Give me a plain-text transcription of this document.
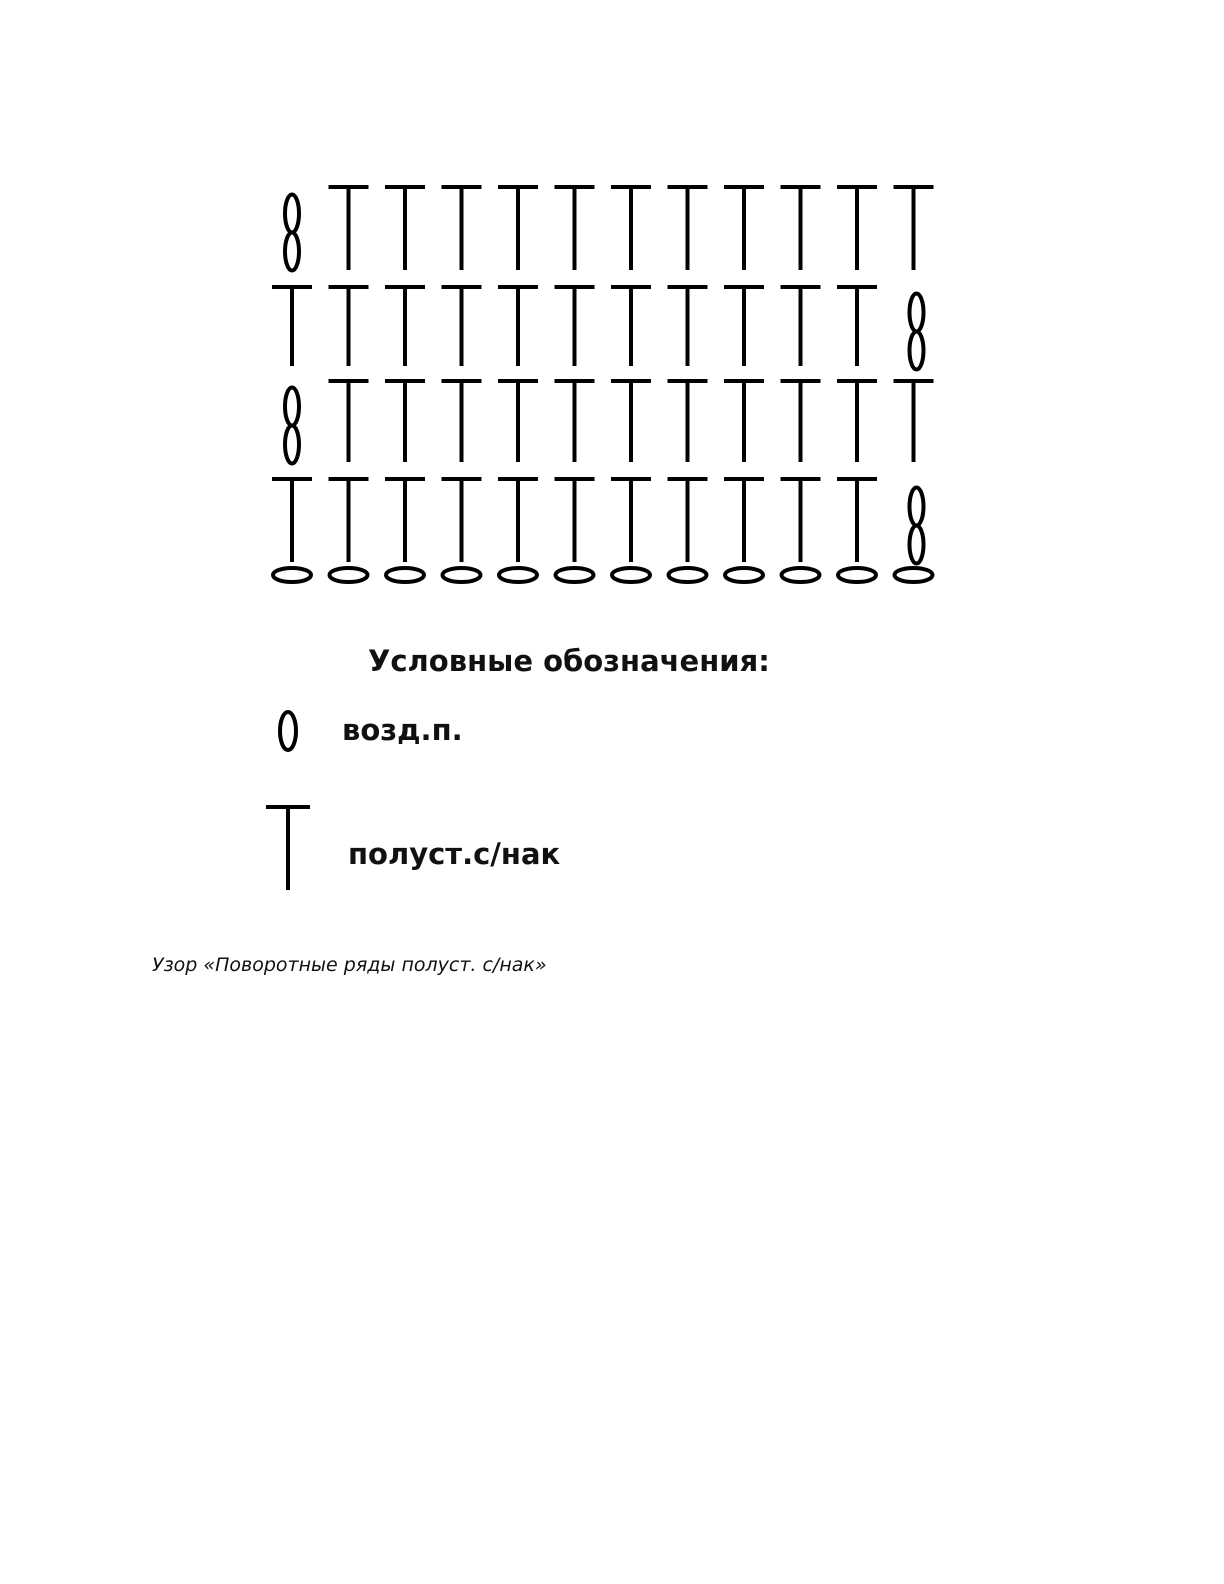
Условные обозначения:
возд.п.
полуст.с/нак
Узор «Поворотные ряды полуст. с/нак»
